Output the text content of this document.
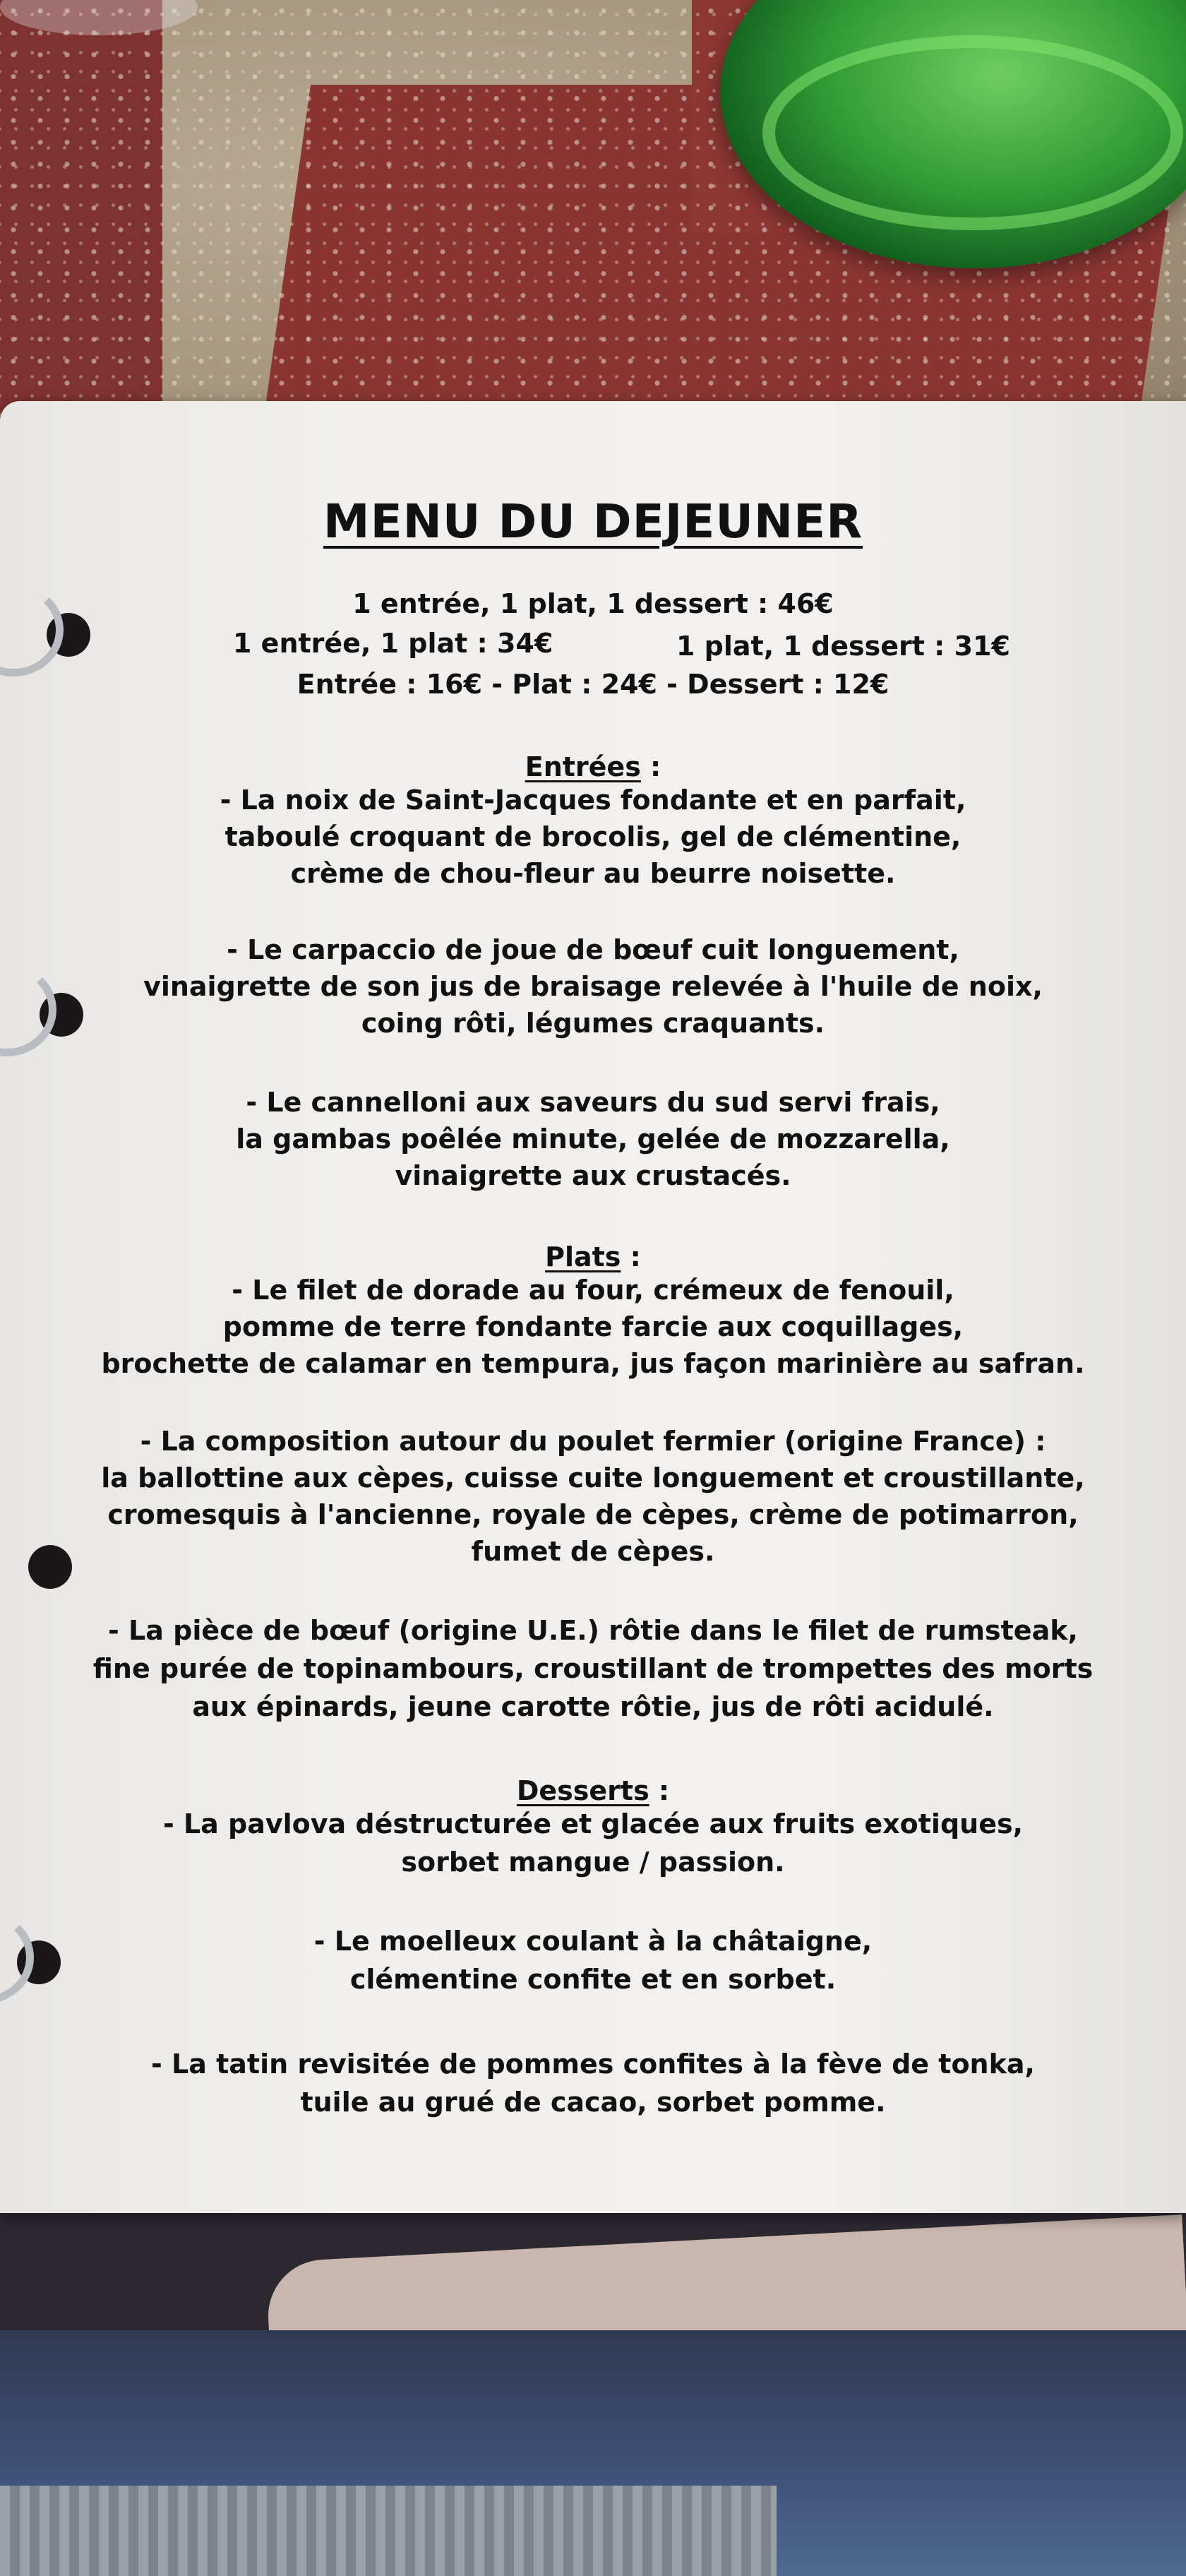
MENU DU DEJEUNER
1 entrée, 1 plat, 1 dessert : 46€
1 entrée, 1 plat : 34€	1 plat, 1 dessert : 31€
Entrée : 16€ - Plat : 24€ - Dessert : 12€
Entrées :
- La noix de Saint-Jacques fondante et en parfait,
taboulé croquant de brocolis, gel de clémentine,
crème de chou-fleur au beurre noisette.
- Le carpaccio de joue de bœuf cuit longuement,
vinaigrette de son jus de braisage relevée à l'huile de noix,
coing rôti, légumes craquants.
- Le cannelloni aux saveurs du sud servi frais,
la gambas poêlée minute, gelée de mozzarella,
vinaigrette aux crustacés.
Plats :
- Le filet de dorade au four, crémeux de fenouil,
pomme de terre fondante farcie aux coquillages,
brochette de calamar en tempura, jus façon marinière au safran.
- La composition autour du poulet fermier (origine France) :
la ballottine aux cèpes, cuisse cuite longuement et croustillante,
cromesquis à l'ancienne, royale de cèpes, crème de potimarron,
fumet de cèpes.
- La pièce de bœuf (origine U.E.) rôtie dans le filet de rumsteak,
fine purée de topinambours, croustillant de trompettes des morts
aux épinards, jeune carotte rôtie, jus de rôti acidulé.
Desserts :
- La pavlova déstructurée et glacée aux fruits exotiques,
sorbet mangue / passion.
- Le moelleux coulant à la châtaigne,
clémentine confite et en sorbet.
- La tatin revisitée de pommes confites à la fève de tonka,
tuile au grué de cacao, sorbet pomme.
